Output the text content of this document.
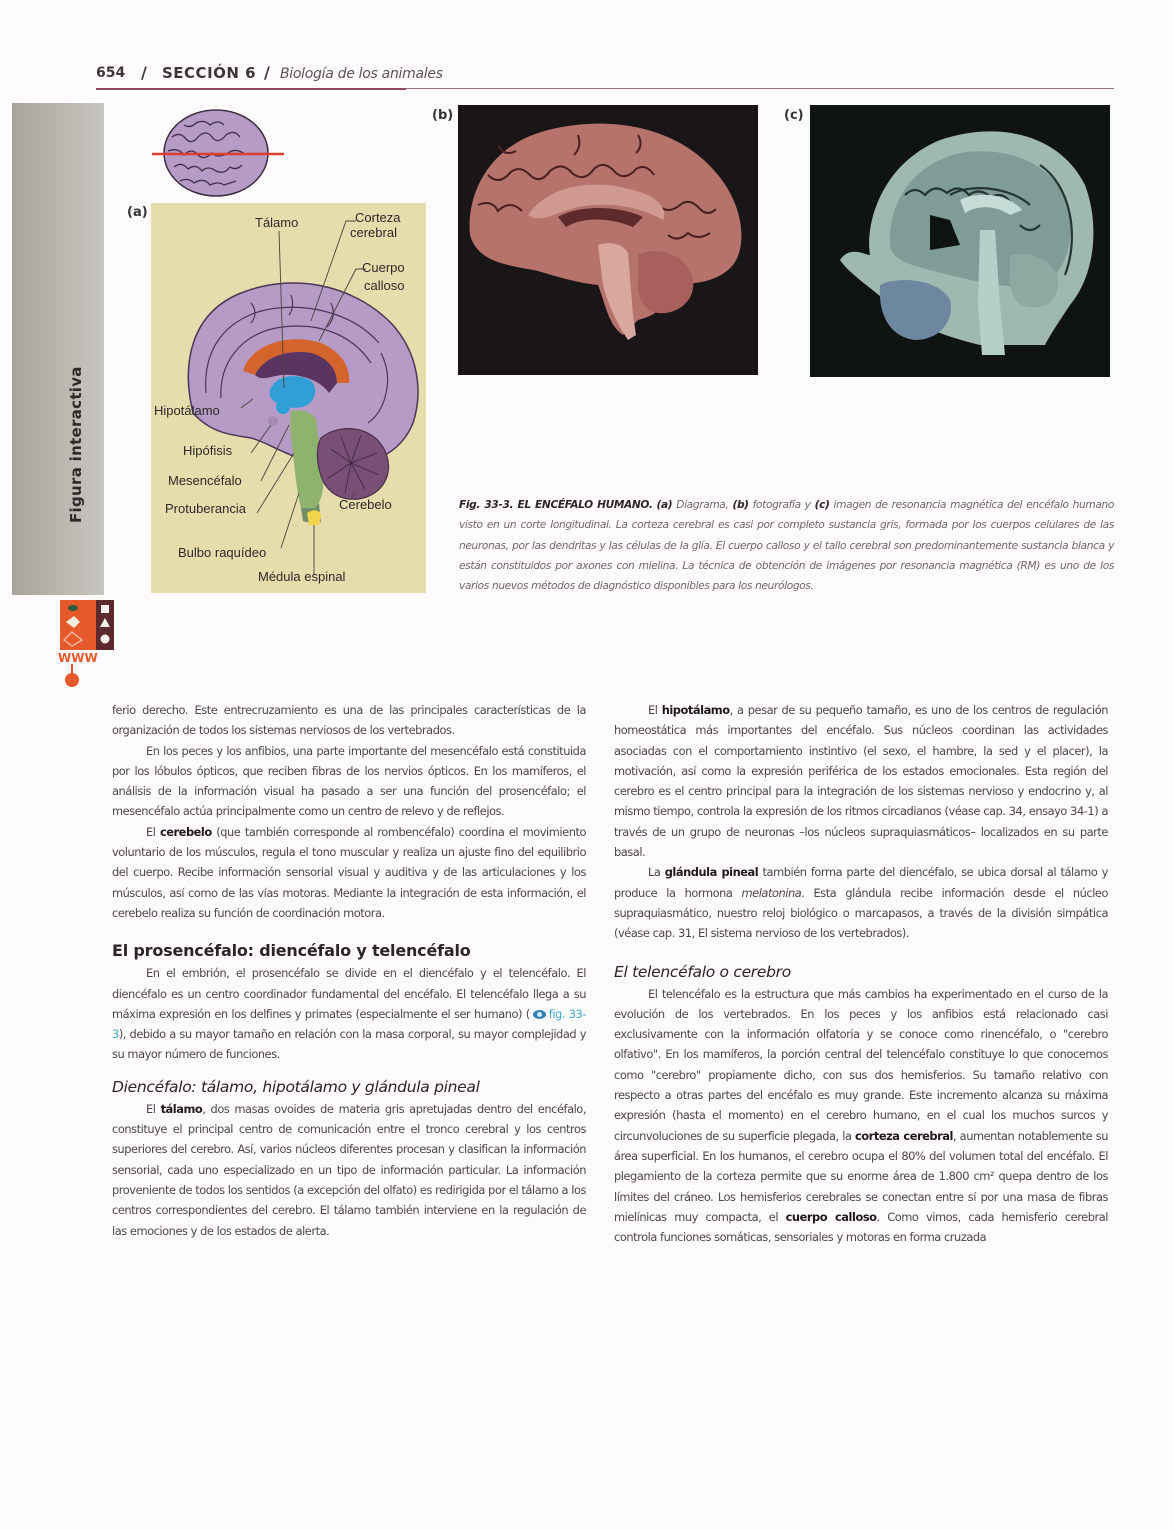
654 / SECCIÓN 6 / Biología de los animales
Figura interactiva
WWW
(a)
Tálamo	Corteza
cerebral
Cuerpo
calloso
Hipotálamo
Hipófisis
Mesencéfalo
Protuberancia	Cerebelo
Bulbo raquídeo
Médula espinal
(b)	(c)
Fig. 33-3. EL ENCÉFALO HUMANO. (a) Diagrama, (b) fotografía y (c) imagen de resonancia magnética del encéfalo humano visto en un corte longitudinal. La corteza cerebral es casi por completo sustancia gris, formada por los cuerpos celulares de las neuronas, por las dendritas y las células de la glía. El cuerpo calloso y el tallo cerebral son predominantemente sustancia blanca y están constituidos por axones con mielina. La técnica de obtención de imágenes por resonancia magnética (RM) es uno de los varios nuevos métodos de diagnóstico disponibles para los neurólogos.

ferio derecho. Este entrecruzamiento es una de las principales características de la organización de todos los sistemas nerviosos de los vertebrados.

En los peces y los anfibios, una parte importante del mesencéfalo está constituida por los lóbulos ópticos, que reciben fibras de los nervios ópticos. En los mamíferos, el análisis de la información visual ha pasado a ser una función del prosencéfalo; el mesencéfalo actúa principalmente como un centro de relevo y de reflejos.

El cerebelo (que también corresponde al rombencéfalo) coordina el movimiento voluntario de los músculos, regula el tono muscular y realiza un ajuste fino del equilibrio del cuerpo. Recibe información sensorial visual y auditiva y de las articulaciones y los músculos, así como de las vías motoras. Mediante la integración de esta información, el cerebelo realiza su función de coordinación motora.

El prosencéfalo: diencéfalo y telencéfalo

En el embrión, el prosencéfalo se divide en el diencéfalo y el telencéfalo. El diencéfalo es un centro coordinador fundamental del encéfalo. El telencéfalo llega a su máxima expresión en los delfines y primates (especialmente el ser humano) ( fig. 33-3), debido a su mayor tamaño en relación con la masa corporal, su mayor complejidad y su mayor número de funciones.

Diencéfalo: tálamo, hipotálamo y glándula pineal

El tálamo, dos masas ovoides de materia gris apretujadas dentro del encéfalo, constituye el principal centro de comunicación entre el tronco cerebral y los centros superiores del cerebro. Así, varios núcleos diferentes procesan y clasifican la información sensorial, cada uno especializado en un tipo de información particular. La información proveniente de todos los sentidos (a excepción del olfato) es redirigida por el tálamo a los centros correspondientes del cerebro. El tálamo también interviene en la regulación de las emociones y de los estados de alerta.

El hipotálamo, a pesar de su pequeño tamaño, es uno de los centros de regulación homeostática más importantes del encéfalo. Sus núcleos coordinan las actividades asociadas con el comportamiento instintivo (el sexo, el hambre, la sed y el placer), la motivación, así como la expresión periférica de los estados emocionales. Esta región del cerebro es el centro principal para la integración de los sistemas nervioso y endocrino y, al mismo tiempo, controla la expresión de los ritmos circadianos (véase cap. 34, ensayo 34-1) a través de un grupo de neuronas –los núcleos supraquiasmáticos– localizados en su parte basal.

La glándula pineal también forma parte del diencéfalo, se ubica dorsal al tálamo y produce la hormona melatonina. Esta glándula recibe información desde el núcleo supraquiasmático, nuestro reloj biológico o marcapasos, a través de la división simpática (véase cap. 31, El sistema nervioso de los vertebrados).

El telencéfalo o cerebro

El telencéfalo es la estructura que más cambios ha experimentado en el curso de la evolución de los vertebrados. En los peces y los anfibios está relacionado casi exclusivamente con la información olfatoria y se conoce como rinencéfalo, o "cerebro olfativo". En los mamíferos, la porción central del telencéfalo constituye lo que conocemos como "cerebro" propiamente dicho, con sus dos hemisferios. Su tamaño relativo con respecto a otras partes del encéfalo es muy grande. Este incremento alcanza su máxima expresión (hasta el momento) en el cerebro humano, en el cual los muchos surcos y circunvoluciones de su superficie plegada, la corteza cerebral, aumentan notablemente su área superficial. En los humanos, el cerebro ocupa el 80% del volumen total del encéfalo. El plegamiento de la corteza permite que su enorme área de 1.800 cm² quepa dentro de los límites del cráneo. Los hemisferios cerebrales se conectan entre sí por una masa de fibras mielínicas muy compacta, el cuerpo calloso. Como vimos, cada hemisferio cerebral controla funciones somáticas, sensoriales y motoras en forma cruzada
